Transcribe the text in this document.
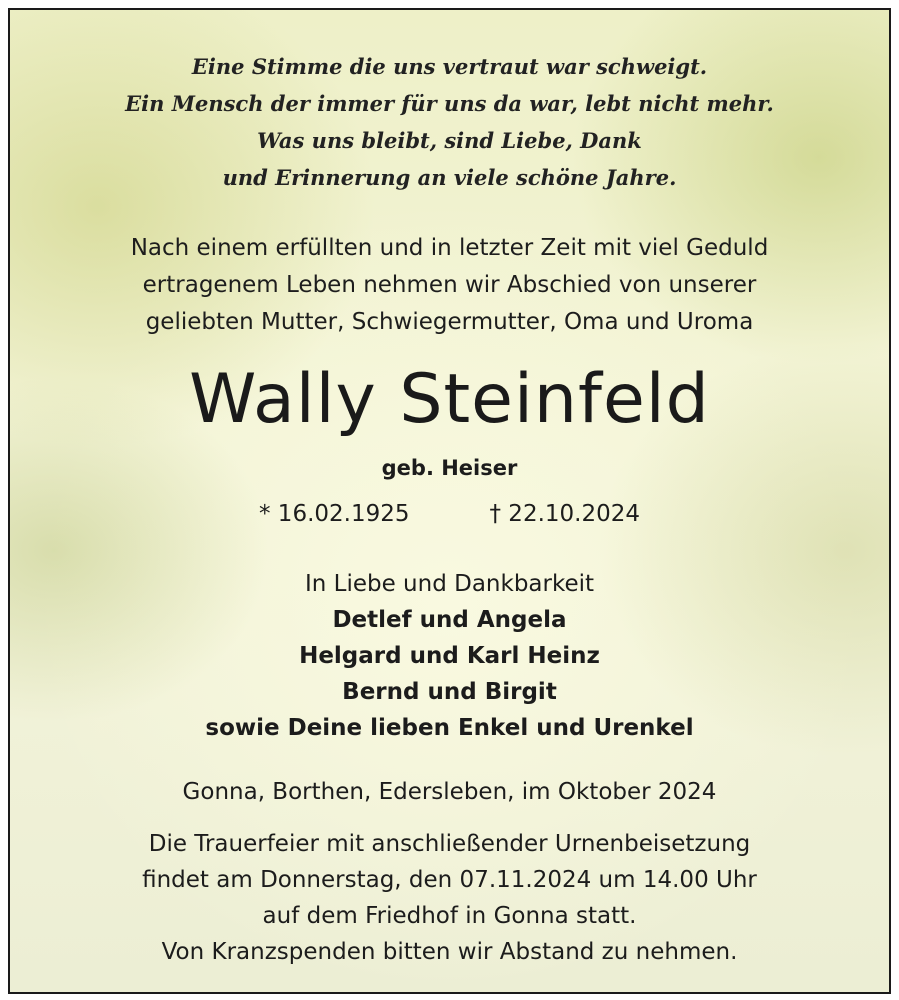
Eine Stimme die uns vertraut war schweigt.
Ein Mensch der immer für uns da war, lebt nicht mehr.
Was uns bleibt, sind Liebe, Dank
und Erinnerung an viele schöne Jahre.
Nach einem erfüllten und in letzter Zeit mit viel Geduld
ertragenem Leben nehmen wir Abschied von unserer
geliebten Mutter, Schwiegermutter, Oma und Uroma
Wally Steinfeld
geb. Heiser
* 16.02.1925	† 22.10.2024
In Liebe und Dankbarkeit
Detlef und Angela
Helgard und Karl Heinz
Bernd und Birgit
sowie Deine lieben Enkel und Urenkel
Gonna, Borthen, Edersleben, im Oktober 2024
Die Trauerfeier mit anschließender Urnenbeisetzung
findet am Donnerstag, den 07.11.2024 um 14.00 Uhr
auf dem Friedhof in Gonna statt.
Von Kranzspenden bitten wir Abstand zu nehmen.
